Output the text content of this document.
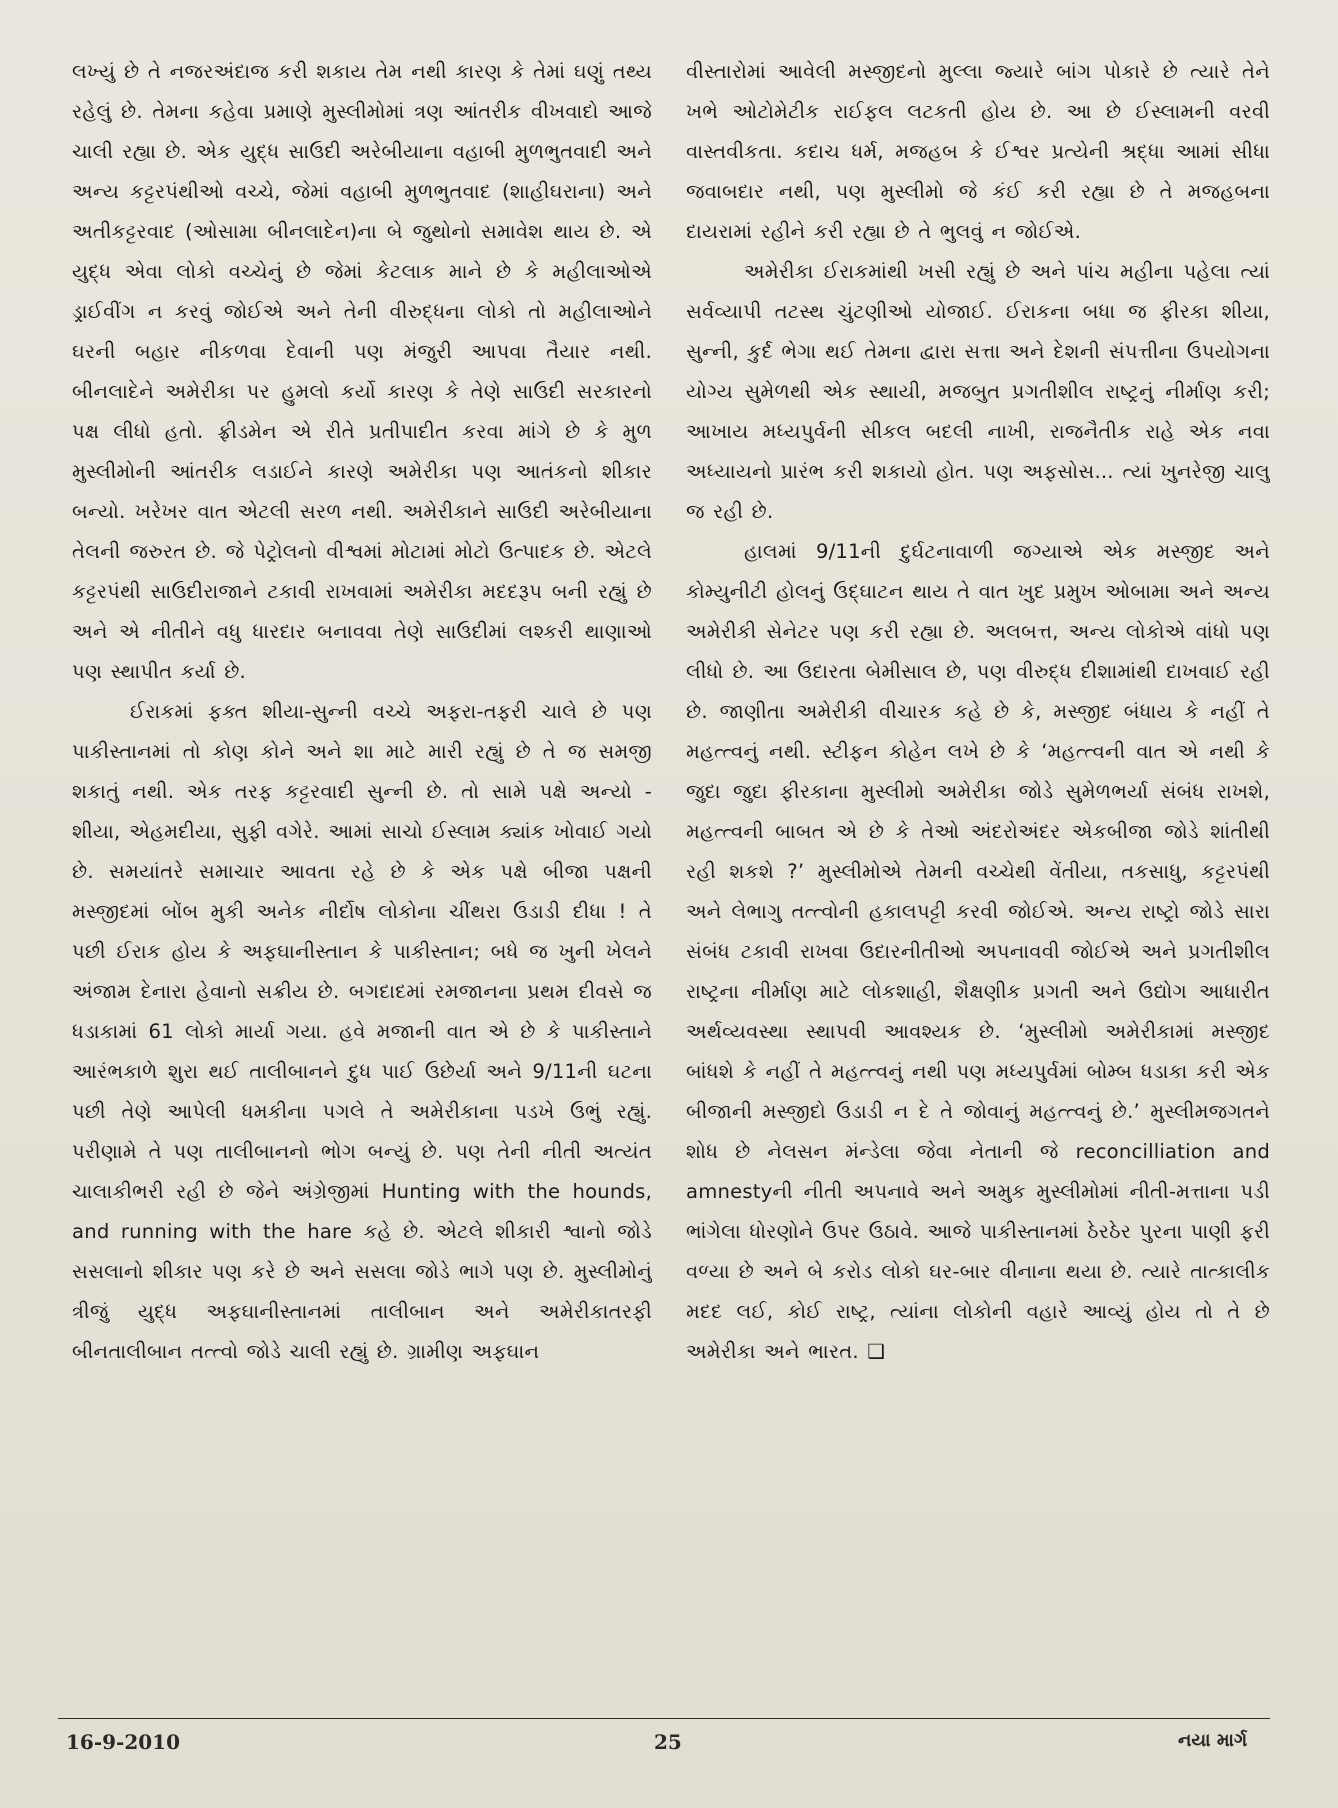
લખ્યું છે તે નજરઅંદાજ કરી શકાય તેમ નથી કારણ કે તેમાં ઘણું તથ્ય રહેલું છે. તેમના કહેવા પ્રમાણે મુસ્લીમોમાં ત્રણ આંતરીક વીખવાદો આજે ચાલી રહ્યા છે. એક યુદ્ધ સાઉદી અરેબીયાના વહાબી મુળભુતવાદી અને અન્ય કટ્ટરપંથીઓ વચ્ચે, જેમાં વહાબી મુળભુતવાદ (શાહીઘરાના) અને અતીકટ્ટરવાદ (ઓસામા બીનલાદેન)ના બે જુથોનો સમાવેશ થાય છે. એ યુદ્ધ એવા લોકો વચ્ચેનું છે જેમાં કેટલાક માને છે કે મહીલાઓએ ડ્રાઈવીંગ ન કરવું જોઈએ અને તેની વીરુદ્ધના લોકો તો મહીલાઓને ઘરની બહાર નીકળવા દેવાની પણ મંજુરી આપવા તૈયાર નથી. બીનલાદેને અમેરીકા પર હુમલો કર્યો કારણ કે તેણે સાઉદી સરકારનો પક્ષ લીધો હતો. ફ્રીડમેન એ રીતે પ્રતીપાદીત કરવા માંગે છે કે મુળ મુસ્લીમોની આંતરીક લડાઈને કારણે અમેરીકા પણ આતંકનો શીકાર બન્યો. ખરેખર વાત એટલી સરળ નથી. અમેરીકાને સાઉદી અરેબીયાના તેલની જરુરત છે. જે પેટ્રોલનો વીશ્વમાં મોટામાં મોટો ઉત્પાદક છે. એટલે કટ્ટરપંથી સાઉદીરાજાને ટકાવી રાખવામાં અમેરીકા મદદરૂપ બની રહ્યું છે અને એ નીતીને વધુ ધારદાર બનાવવા તેણે સાઉદીમાં લશ્કરી થાણાઓ પણ સ્થાપીત કર્યા છે.

ઈરાકમાં ફક્ત શીયા-સુન્ની વચ્ચે અફરા-તફરી ચાલે છે પણ પાકીસ્તાનમાં તો કોણ કોને અને શા માટે મારી રહ્યું છે તે જ સમજી શકાતું નથી. એક તરફ કટ્ટરવાદી સુન્ની છે. તો સામે પક્ષે અન્યો - શીયા, એહમદીયા, સુફી વગેરે. આમાં સાચો ઈસ્લામ ક્યાંક ખોવાઈ ગયો છે. સમયાંતરે સમાચાર આવતા રહે છે કે એક પક્ષે બીજા પક્ષની મસ્જીદમાં બોંબ મુકી અનેક નીર્દોષ લોકોના ચીંથરા ઉડાડી દીધા ! તે પછી ઈરાક હોય કે અફઘાનીસ્તાન કે પાકીસ્તાન; બધે જ ખુની ખેલને અંજામ દેનારા હેવાનો સક્રીય છે. બગદાદમાં રમજાનના પ્રથમ દીવસે જ ધડાકામાં 61 લોકો માર્યા ગયા. હવે મજાની વાત એ છે કે પાકીસ્તાને આરંભકાળે શુરા થઈ તાલીબાનને દુધ પાઈ ઉછેર્યા અને 9/11ની ઘટના પછી તેણે આપેલી ધમકીના પગલે તે અમેરીકાના પડખે ઉભું રહ્યું. પરીણામે તે પણ તાલીબાનનો ભોગ બન્યું છે. પણ તેની નીતી અત્યંત ચાલાકીભરી રહી છે જેને અંગ્રેજીમાં Hunting with the hounds, and running with the hare કહે છે. એટલે શીકારી શ્વાનો જોડે સસલાનો શીકાર પણ કરે છે અને સસલા જોડે ભાગે પણ છે. મુસ્લીમોનું ત્રીજું યુદ્ધ અફઘાનીસ્તાનમાં તાલીબાન અને અમેરીકાતરફી બીનતાલીબાન તત્ત્વો જોડે ચાલી રહ્યું છે. ગ્રામીણ અફઘાન

વીસ્તારોમાં આવેલી મસ્જીદનો મુલ્લા જ્યારે બાંગ પોકારે છે ત્યારે તેને ખભે ઓટોમેટીક રાઈફલ લટકતી હોય છે. આ છે ઈસ્લામની વરવી વાસ્તવીકતા. કદાચ ધર્મ, મજહબ કે ઈશ્વર પ્રત્યેની શ્રદ્ધા આમાં સીધા જવાબદાર નથી, પણ મુસ્લીમો જે કંઈ કરી રહ્યા છે તે મજહબના દાયરામાં રહીને કરી રહ્યા છે તે ભુલવું ન જોઈએ.

અમેરીકા ઈરાકમાંથી ખસી રહ્યું છે અને પાંચ મહીના પહેલા ત્યાં સર્વવ્યાપી તટસ્થ ચુંટણીઓ યોજાઈ. ઈરાકના બધા જ ફીરકા શીયા, સુન્ની, કુર્દ ભેગા થઈ તેમના દ્વારા સત્તા અને દેશની સંપત્તીના ઉપયોગના યોગ્ય સુમેળથી એક સ્થાયી, મજબુત પ્રગતીશીલ રાષ્ટ્રનું નીર્માણ કરી; આખાય મધ્યપુર્વની સીકલ બદલી નાખી, રાજનૈતીક રાહે એક નવા અધ્યાયનો પ્રારંભ કરી શકાયો હોત. પણ અફસોસ... ત્યાં ખુનરેજી ચાલુ જ રહી છે.

હાલમાં 9/11ની દુર્ઘટનાવાળી જગ્યાએ એક મસ્જીદ અને કોમ્યુનીટી હોલનું ઉદ્ઘાટન થાય તે વાત ખુદ પ્રમુખ ઓબામા અને અન્ય અમેરીકી સેનેટર પણ કરી રહ્યા છે. અલબત્ત, અન્ય લોકોએ વાંધો પણ લીધો છે. આ ઉદારતા બેમીસાલ છે, પણ વીરુદ્ધ દીશામાંથી દાખવાઈ રહી છે. જાણીતા અમેરીકી વીચારક કહે છે કે, મસ્જીદ બંધાય કે નહીં તે મહત્ત્વનું નથી. સ્ટીફન કોહેન લખે છે કે ‘મહત્ત્વની વાત એ નથી કે જુદા જુદા ફીરકાના મુસ્લીમો અમેરીકા જોડે સુમેળભર્યા સંબંધ રાખશે, મહત્ત્વની બાબત એ છે કે તેઓ અંદરોઅંદર એકબીજા જોડે શાંતીથી રહી શકશે ?’ મુસ્લીમોએ તેમની વચ્ચેથી વેંતીયા, તકસાધુ, કટ્ટરપંથી અને લેભાગુ તત્ત્વોની હકાલપટ્ટી કરવી જોઈએ. અન્ય રાષ્ટ્રો જોડે સારા સંબંધ ટકાવી રાખવા ઉદારનીતીઓ અપનાવવી જોઈએ અને પ્રગતીશીલ રાષ્ટ્રના નીર્માણ માટે લોકશાહી, શૈક્ષણીક પ્રગતી અને ઉદ્યોગ આધારીત અર્થવ્યવસ્થા સ્થાપવી આવશ્યક છે. ‘મુસ્લીમો અમેરીકામાં મસ્જીદ બાંધશે કે નહીં તે મહત્ત્વનું નથી પણ મધ્યપુર્વમાં બોમ્બ ધડાકા કરી એક બીજાની મસ્જીદો ઉડાડી ન દે તે જોવાનું મહત્ત્વનું છે.’ મુસ્લીમજગતને શોધ છે નેલસન મંન્ડેલા જેવા નેતાની જે reconcilliation and amnestyની નીતી અપનાવે અને અમુક મુસ્લીમોમાં નીતી-મત્તાના પડી ભાંગેલા ધોરણોને ઉપર ઉઠાવે. આજે પાકીસ્તાનમાં ઠેરઠેર પુરના પાણી ફરી વળ્યા છે અને બે કરોડ લોકો ઘર-બાર વીનાના થયા છે. ત્યારે તાત્કાલીક મદદ લઈ, કોઈ રાષ્ટ્ર, ત્યાંના લોકોની વહારે આવ્યું હોય તો તે છે અમેરીકા અને ભારત. ❑

16-9-2010	25	નયા માર્ગ
